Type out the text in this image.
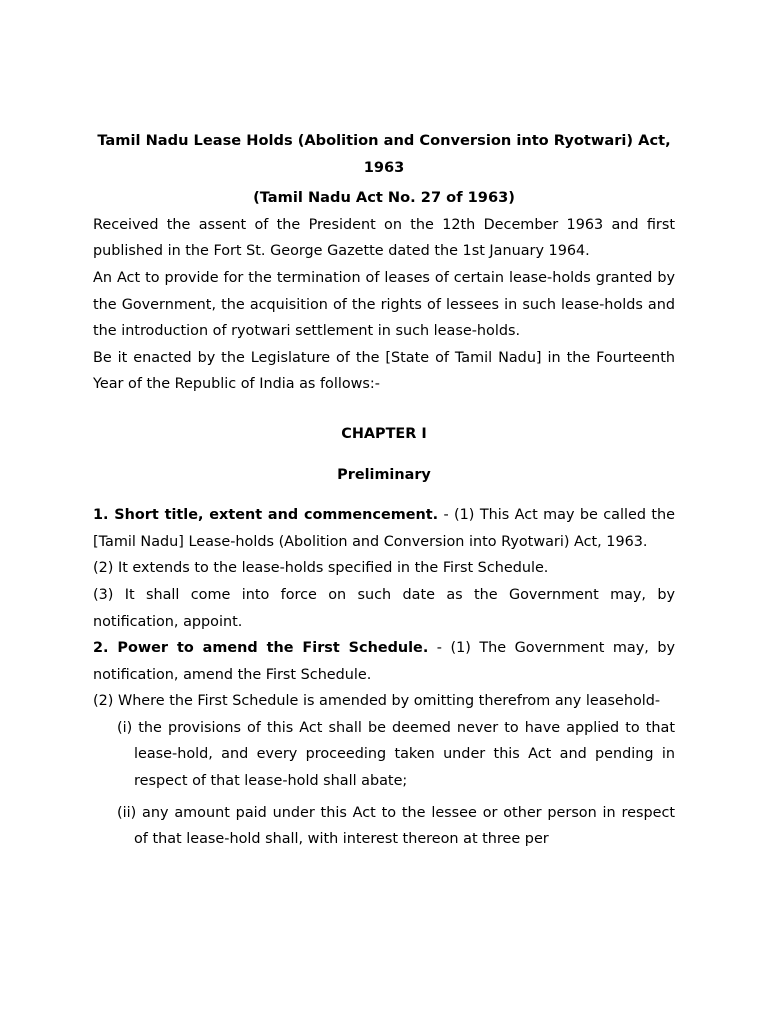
Tamil Nadu Lease Holds (Abolition and Conversion into Ryotwari) Act, 1963

(Tamil Nadu Act No. 27 of 1963)

Received the assent of the President on the 12th December 1963 and first published in the Fort St. George Gazette dated the 1st January 1964.

An Act to provide for the termination of leases of certain lease-holds granted by the Government, the acquisition of the rights of lessees in such lease-holds and the introduction of ryotwari settlement in such lease-holds.

Be it enacted by the Legislature of the [State of Tamil Nadu] in the Fourteenth Year of the Republic of India as follows:-

CHAPTER I

Preliminary

1. Short title, extent and commencement. - (1) This Act may be called the [Tamil Nadu] Lease-holds (Abolition and Conversion into Ryotwari) Act, 1963.

(2) It extends to the lease-holds specified in the First Schedule.

(3) It shall come into force on such date as the Government may, by notification, appoint.

2. Power to amend the First Schedule. - (1) The Government may, by notification, amend the First Schedule.

(2) Where the First Schedule is amended by omitting therefrom any leasehold-

(i) the provisions of this Act shall be deemed never to have applied to that lease-hold, and every proceeding taken under this Act and pending in respect of that lease-hold shall abate;

(ii) any amount paid under this Act to the lessee or other person in respect of that lease-hold shall, with interest thereon at three per
